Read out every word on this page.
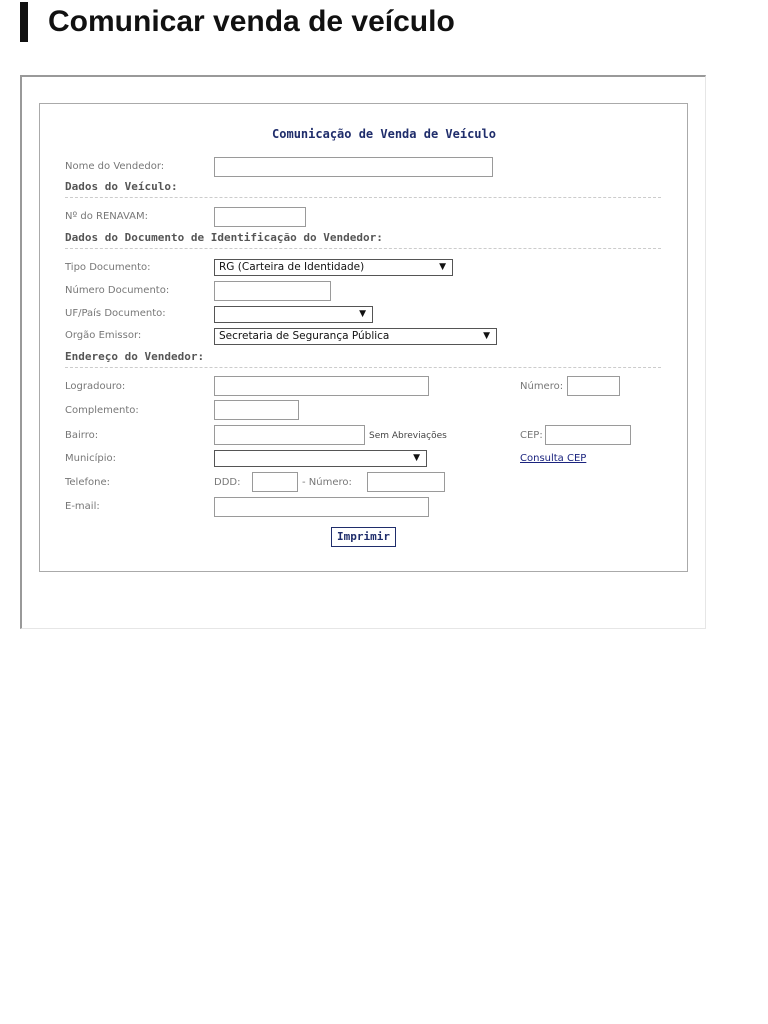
Comunicar venda de veículo
Comunicação de Venda de Veículo
Nome do Vendedor:
Dados do Veículo:
Nº do RENAVAM:
Dados do Documento de Identificação do Vendedor:
Tipo Documento:	RG (Carteira de Identidade)	▼
Número Documento:
UF/País Documento:	▼
Orgão Emissor:	Secretaria de Segurança Pública	▼
Endereço do Vendedor:
Logradouro:	Número:
Complemento:
Bairro:	Sem Abreviações	CEP:
Município:	▼	Consulta CEP
Telefone:	DDD:	- Número:
E-mail:
Imprimir
